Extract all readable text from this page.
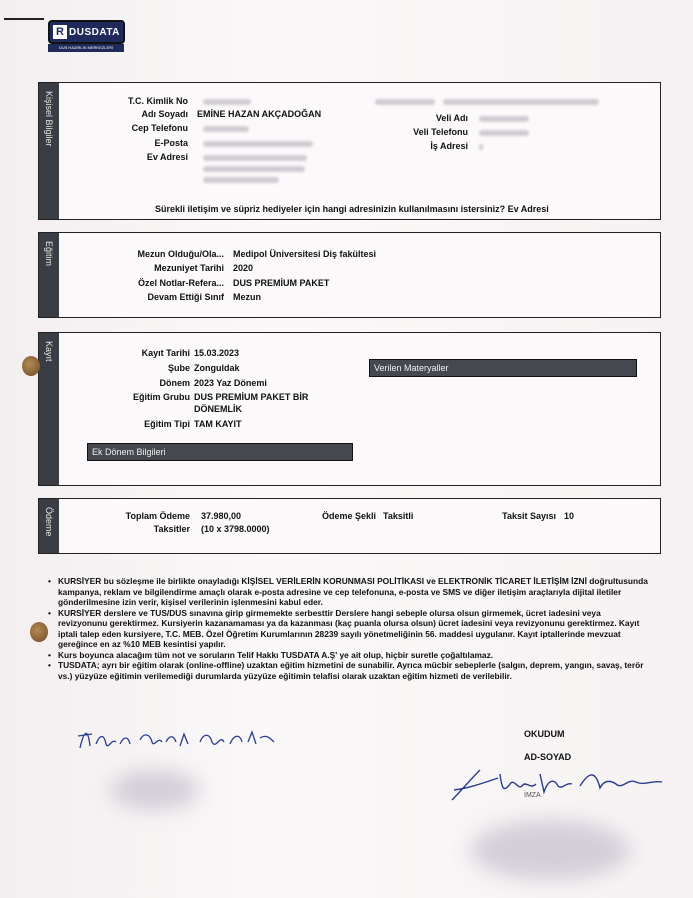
R DUSDATA
DUS HAZIRLIK MERKEZLERİ
Kişisel Bilgiler	T.C. Kimlik No
Adı Soyadı EMİNE HAZAN AKÇADOĞAN
Cep Telefonu
E-Posta
Ev Adresi
Veli Adı
Veli Telefonu
İş Adresi
Sürekli iletişim ve süpriz hediyeler için hangi adresinizin kullanılmasını istersiniz? Ev Adresi
Eğitim	Mezun Olduğu/Ola... Medipol Üniversitesi Diş fakültesi
Mezuniyet Tarihi 2020
Özel Notlar-Refera... DUS PREMİUM PAKET
Devam Ettiği Sınıf Mezun
Kayıt	Kayıt Tarihi 15.03.2023
Şube Zonguldak
Dönem 2023 Yaz Dönemi
Eğitim Grubu DUS PREMİUM PAKET BİR
DÖNEMLİK
Eğitim Tipi TAM KAYIT
Verilen Materyaller
Ek Dönem Bilgileri
Ödeme	Toplam Ödeme 37.980,00
Taksitler (10 x 3798.0000)
Ödeme Şekli Taksitli	Taksit Sayısı 10
• KURSİYER bu sözleşme ile birlikte onayladığı KİŞİSEL VERİLERİN KORUNMASI POLİTİKASI ve ELEKTRONİK TİCARET İLETİŞİM İZNİ doğrultusunda kampanya, reklam ve bilgilendirme amaçlı olarak e-posta adresine ve cep telefonuna, e-posta ve SMS ve diğer iletişim araçlarıyla dijital iletiler gönderilmesine izin verir, kişisel verilerinin işlenmesini kabul eder.
• KURSİYER derslere ve TUS/DUS sınavına girip girmemekte serbesttir Derslere hangi sebeple olursa olsun girmemek, ücret iadesini veya revizyonunu gerektirmez. Kursiyerin kazanamaması ya da kazanması (kaç puanla olursa olsun) ücret iadesini veya revizyonunu gerektirmez. Kayıt iptali talep eden kursiyere, T.C. MEB. Özel Öğretim Kurumlarının 28239 sayılı yönetmeliğinin 56. maddesi uygulanır. Kayıt iptallerinde mevzuat gereğince en az %10 MEB kesintisi yapılır.
• Kurs boyunca alacağım tüm not ve soruların Telif Hakkı TUSDATA A.Ş' ye ait olup, hiçbir suretle çoğaltılamaz.
• TUSDATA; ayrı bir eğitim olarak (online-offline) uzaktan eğitim hizmetini de sunabilir. Ayrıca mücbir sebeplerle (salgın, deprem, yangın, savaş, terör vs.) yüzyüze eğitimin verilemediği durumlarda yüzyüze eğitimin telafisi olarak uzaktan eğitim hizmeti de verilebilir.
OKUDUM
AD-SOYAD
İMZA
